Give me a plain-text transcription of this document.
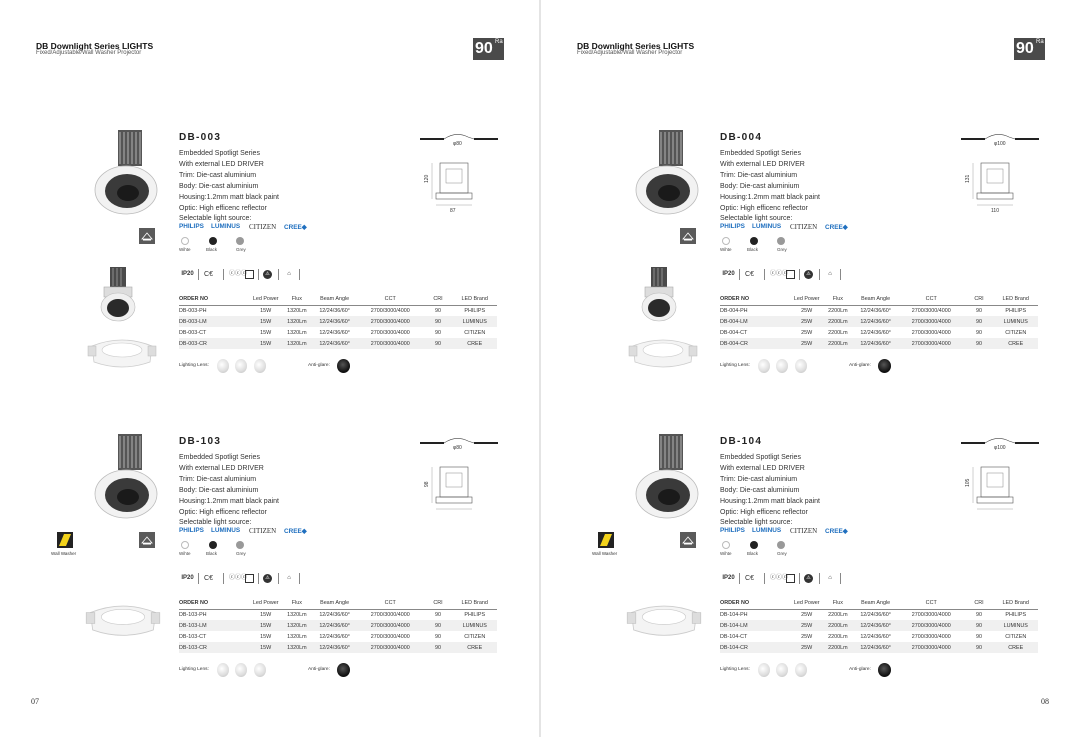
DB Downlight Series LIGHTS
Fixed/Adjustable/Wall Washer Projector	90 Ra
DB-003
Embedded Spotligt Series
With external LED DRIVER
Trim: Die-cast aluminium
Body: Die-cast aluminium
Housing:1.2mm matt black paint
Optic: High efficenc reflector
Selectable light source:
PHILIPS LUMINUS CITIZEN CREE◆
Wihte	Black	Grey
IP20	C€	ⓒⓒⓒ	⚠	⌂
ORDER NO	Led Power	Flux	Beam Angle	CCT	CRI	LED Brand
DB-003-PH	15W	1320Lm	12/24/36/60°	2700/3000/4000	90	PHILIPS
DB-003-LM	15W	1320Lm	12/24/36/60°	2700/3000/4000	90	LUMINUS
DB-003-CT	15W	1320Lm	12/24/36/60°	2700/3000/4000	90	CITIZEN
DB-003-CR	15W	1320Lm	12/24/36/60°	2700/3000/4000	90	CREE
Lighting Lens:	Anti-glare:
φ80
120
87
Wall Washer
DB-103
Embedded Spotligt Series
With external LED DRIVER
Trim: Die-cast aluminium
Body: Die-cast aluminium
Housing:1.2mm matt black paint
Optic: High efficenc reflector
Selectable light source:
PHILIPS LUMINUS CITIZEN CREE◆
Wihte	Black	Grey
IP20	C€	ⓒⓒⓒ	⚠	⌂
ORDER NO	Led Power	Flux	Beam Angle	CCT	CRI	LED Brand
DB-103-PH	15W	1320Lm	12/24/36/60°	2700/3000/4000	90	PHILIPS
DB-103-LM	15W	1320Lm	12/24/36/60°	2700/3000/4000	90	LUMINUS
DB-103-CT	15W	1320Lm	12/24/36/60°	2700/3000/4000	90	CITIZEN
DB-103-CR	15W	1320Lm	12/24/36/60°	2700/3000/4000	90	CREE
Lighting Lens:	Anti-glare:
φ80
98
07
DB Downlight Series LIGHTS
Fixed/Adjustable/Wall Washer Projector	90 Ra
DB-004
Embedded Spotligt Series
With external LED DRIVER
Trim: Die-cast aluminium
Body: Die-cast aluminium
Housing:1.2mm matt black paint
Optic: High efficenc reflector
Selectable light source:
PHILIPS LUMINUS CITIZEN CREE◆
Wihte	Black	Grey
IP20	C€	ⓒⓒⓒ	⚠	⌂
ORDER NO	Led Power	Flux	Beam Angle	CCT	CRI	LED Brand
DB-004-PH	25W	2200Lm	12/24/36/60°	2700/3000/4000	90	PHILIPS
DB-004-LM	25W	2200Lm	12/24/36/60°	2700/3000/4000	90	LUMINUS
DB-004-CT	25W	2200Lm	12/24/36/60°	2700/3000/4000	90	CITIZEN
DB-004-CR	25W	2200Lm	12/24/36/60°	2700/3000/4000	90	CREE
Lighting Lens:	Anti-glare:
φ100
131
110
Wall Washer
DB-104
Embedded Spotligt Series
With external LED DRIVER
Trim: Die-cast aluminium
Body: Die-cast aluminium
Housing:1.2mm matt black paint
Optic: High efficenc reflector
Selectable light source:
PHILIPS LUMINUS CITIZEN CREE◆
Wihte	Black	Grey
IP20	C€	ⓒⓒⓒ	⚠	⌂
ORDER NO	Led Power	Flux	Beam Angle	CCT	CRI	LED Brand
DB-104-PH	25W	2200Lm	12/24/36/60°	2700/3000/4000	90	PHILIPS
DB-104-LM	25W	2200Lm	12/24/36/60°	2700/3000/4000	90	LUMINUS
DB-104-CT	25W	2200Lm	12/24/36/60°	2700/3000/4000	90	CITIZEN
DB-104-CR	25W	2200Lm	12/24/36/60°	2700/3000/4000	90	CREE
Lighting Lens:	Anti-glare:
φ100
105
08
